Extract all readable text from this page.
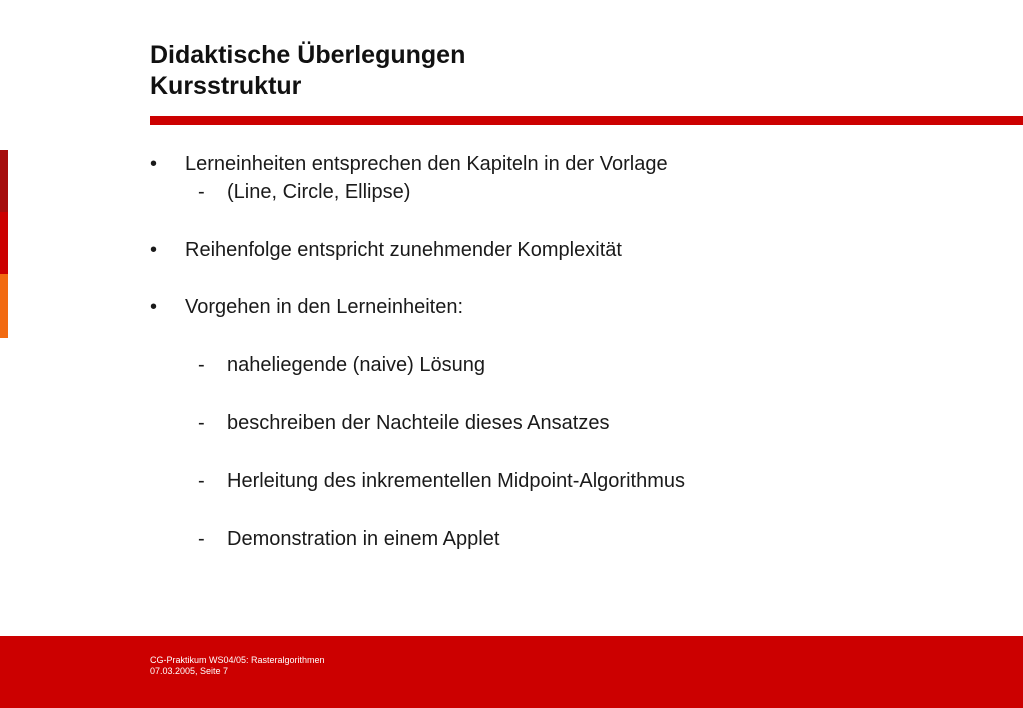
Didaktische Überlegungen
Kursstruktur
• Lerneinheiten entsprechen den Kapiteln in der Vorlage
- (Line, Circle, Ellipse)
• Reihenfolge entspricht zunehmender Komplexität
• Vorgehen in den Lerneinheiten:
- naheliegende (naive) Lösung
- beschreiben der Nachteile dieses Ansatzes
- Herleitung des inkrementellen Midpoint-Algorithmus
- Demonstration in einem Applet
CG-Praktikum WS04/05: Rasteralgorithmen
07.03.2005, Seite 7
